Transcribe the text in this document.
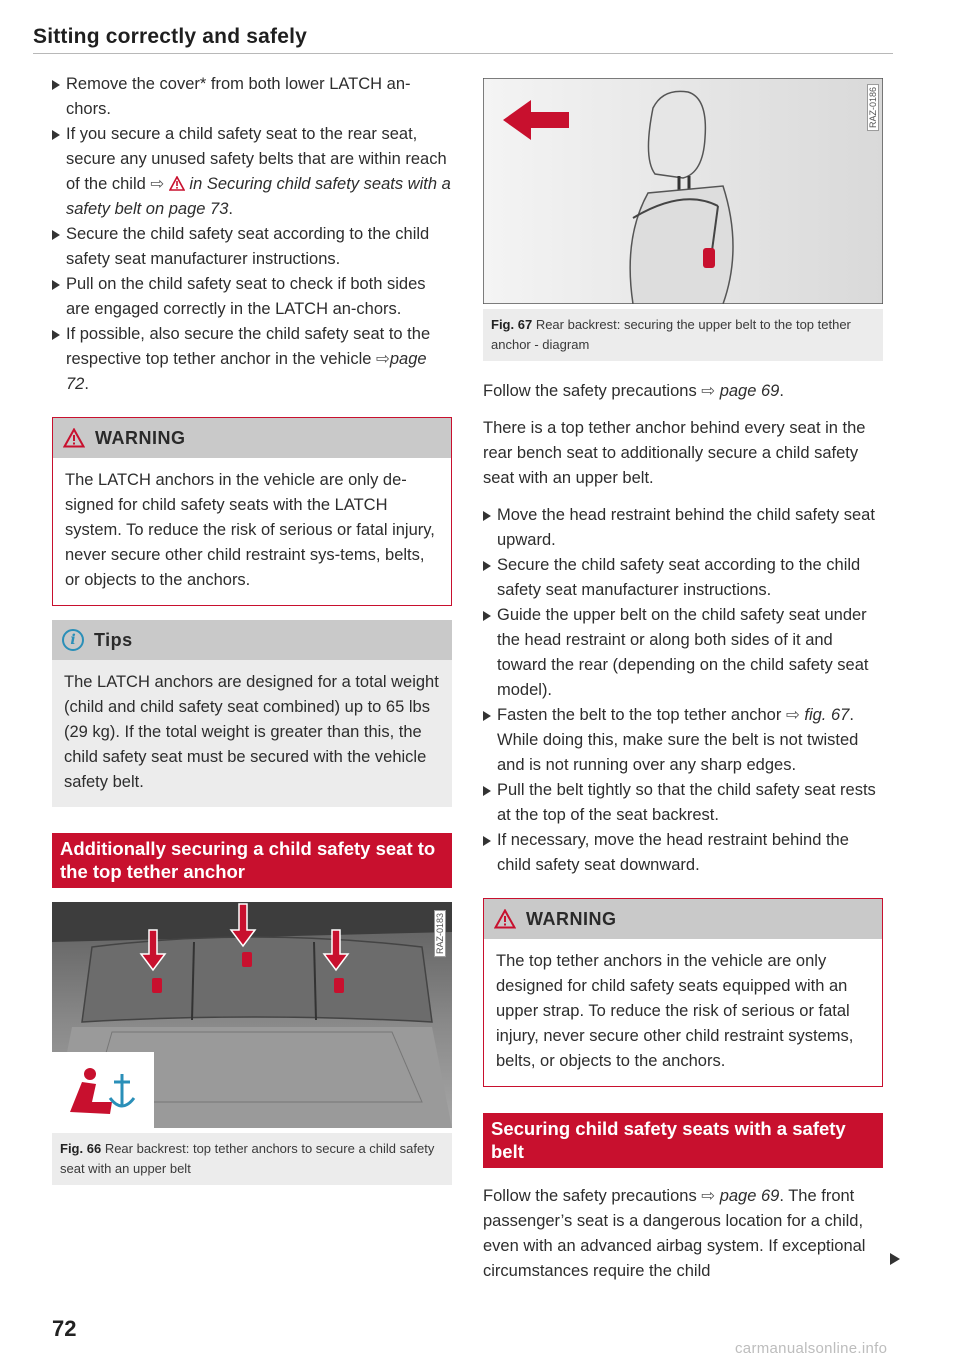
Sitting correctly and safely
Remove the cover* from both lower LATCH an-chors.
If you secure a child safety seat to the rear seat, secure any unused safety belts that are within reach of the child ⇨  in Securing child safety seats with a safety belt on page 73.
Secure the child safety seat according to the child safety seat manufacturer instructions.
Pull on the child safety seat to check if both sides are engaged correctly in the LATCH an-chors.
If possible, also secure the child safety seat to the respective top tether anchor in the vehicle ⇨page 72.
WARNING
The LATCH anchors in the vehicle are only de-signed for child safety seats with the LATCH system. To reduce the risk of serious or fatal injury, never secure other child restraint sys-tems, belts, or objects to the anchors.
i	Tips
The LATCH anchors are designed for a total weight (child and child safety seat combined) up to 65 lbs (29 kg). If the total weight is greater than this, the child safety seat must be secured with the vehicle safety belt.
Additionally securing a child safety seat to the top tether anchor
RAZ-0183
Fig. 66 Rear backrest: top tether anchors to secure a child safety seat with an upper belt
RAZ-0186
Fig. 67 Rear backrest: securing the upper belt to the top tether anchor - diagram

Follow the safety precautions ⇨ page 69.

There is a top tether anchor behind every seat in the rear bench seat to additionally secure a child safety seat with an upper belt.

Move the head restraint behind the child safety seat upward.
Secure the child safety seat according to the child safety seat manufacturer instructions.
Guide the upper belt on the child safety seat under the head restraint or along both sides of it and toward the rear (depending on the child safety seat model).
Fasten the belt to the top tether anchor ⇨ fig. 67. While doing this, make sure the belt is not twisted and is not running over any sharp edges.
Pull the belt tightly so that the child safety seat rests at the top of the seat backrest.
If necessary, move the head restraint behind the child safety seat downward.
WARNING
The top tether anchors in the vehicle are only designed for child safety seats equipped with an upper strap. To reduce the risk of serious or fatal injury, never secure other child restraint systems, belts, or objects to the anchors.
Securing child safety seats with a safety belt

Follow the safety precautions ⇨ page 69. The front passenger’s seat is a dangerous location for a child, even with an advanced airbag system. If exceptional circumstances require the child

72
carmanualsonline.info
